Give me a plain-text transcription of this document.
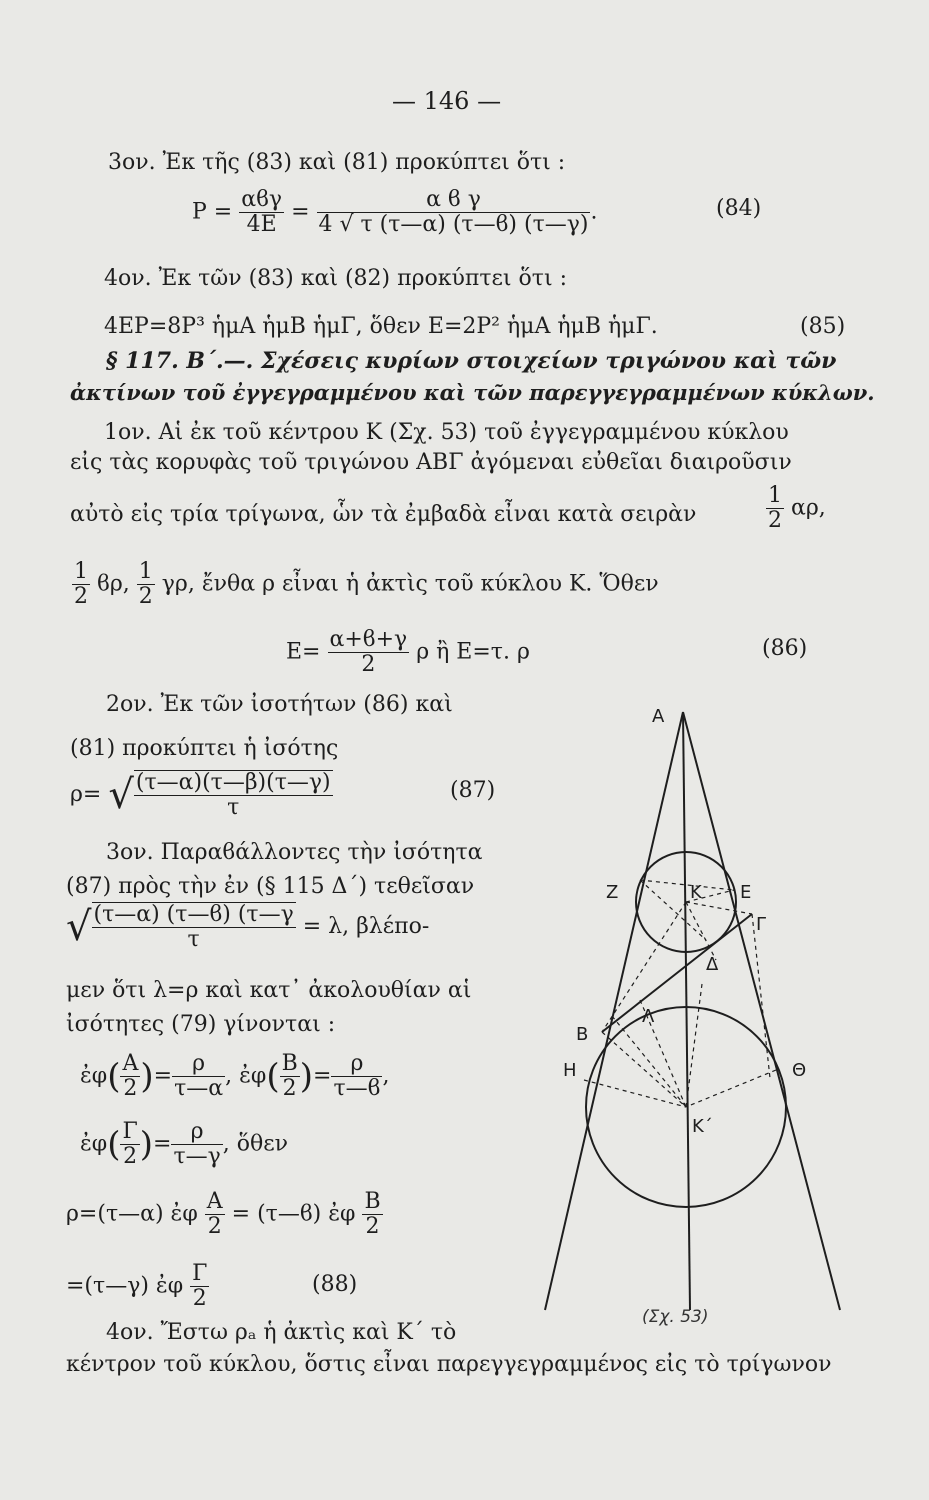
— 146 —
3ον. Ἐκ τῆς (83) καὶ (81) προκύπτει ὅτι :
$P = \frac{\text{αϐγ}}{4E} = \frac{\text{α ϐ γ}}{4 √ \tau (\tau—\alpha) (\tau—ϐ) (\tau—\gamma)}$ .	(84)
4ον. Ἐκ τῶν (83) καὶ (82) προκύπτει ὅτι :
4EP=8P³ ἡμA ἡμB ἡμΓ, ὅθεν E=2P² ἡμA ἡμB ἡμΓ.	(85)
§ 117. B΄.—. Σχέσεις κυρίων στοιχείων τριγώνου καὶ τῶν
ἀκτίνων τοῦ ἐγγεγραμμένου καὶ τῶν παρεγγεγραμμένων κύκλων.
1ον. Αἱ ἐκ τοῦ κέντρου K (Σχ. 53) τοῦ ἐγγεγραμμένου κύκλου
εἰς τὰς κορυφὰς τοῦ τριγώνου ABΓ ἀγόμεναι εὐθεῖαι διαιροῦσιν
αὐτὸ εἰς τρία τρίγωνα, ὧν τὰ ἐμβαδὰ εἶναι κατὰ σειρὰν	$\frac{1}{2} \alpha\rho$,
$\frac{1}{2} ϐ\rho$, $\frac{1}{2} \gamma\rho$, ἔνθα ρ εἶναι ἡ ἀκτὶς τοῦ κύκλου K. Ὅθεν
$E= \frac{\alpha+ϐ+\gamma}{2}$ ρ ἢ E=τ. ρ	(86)
2ον. Ἐκ τῶν ἰσοτήτων (86) καὶ
(81) προκύπτει ἡ ἰσότης
ρ= √ $\frac{(\tau—\alpha)(\tau—\beta)(\tau—\gamma)}{\tau}$	(87)
3ον. Παραϐάλλοντες τὴν ἰσότητα
(87) πρὸς τὴν ἐν (§ 115 Δ΄) τεθεῖσαν
√ $\frac{(\tau—\alpha) (\tau—ϐ) (\tau—\gamma}{\tau} = \lambda$, βλέπο-
μεν ὅτι λ=ρ καὶ κατ᾿ ἀκολουθίαν αἱ
ἰσότητες (79) γίνονται :
ἐφ( $\frac{A}{2}$ )= $\frac{\rho}{\tau—\alpha}$ , ἐφ( $\frac{B}{2}$ )= $\frac{\rho}{\tau—ϐ}$ ,
ἐφ( $\frac{\Gamma}{2}$ )= $\frac{\rho}{\tau—\gamma}$ , ὅθεν
ρ=(τ—α) ἐφ $\frac{A}{2}$ = (τ—ϐ) ἐφ $\frac{B}{2}$
=(τ—γ) ἐφ $\frac{\Gamma}{2}$	(88)
4ον. Ἔστω ρₐ ἡ ἀκτὶς καὶ K΄ τὸ
κέντρον τοῦ κύκλου, ὅστις εἶναι παρεγγεγραμμένος εἰς τὸ τρίγωνον
A
Z	K E
Γ
Δ
Λ
B
H	Θ
K΄
(Σχ. 53)
